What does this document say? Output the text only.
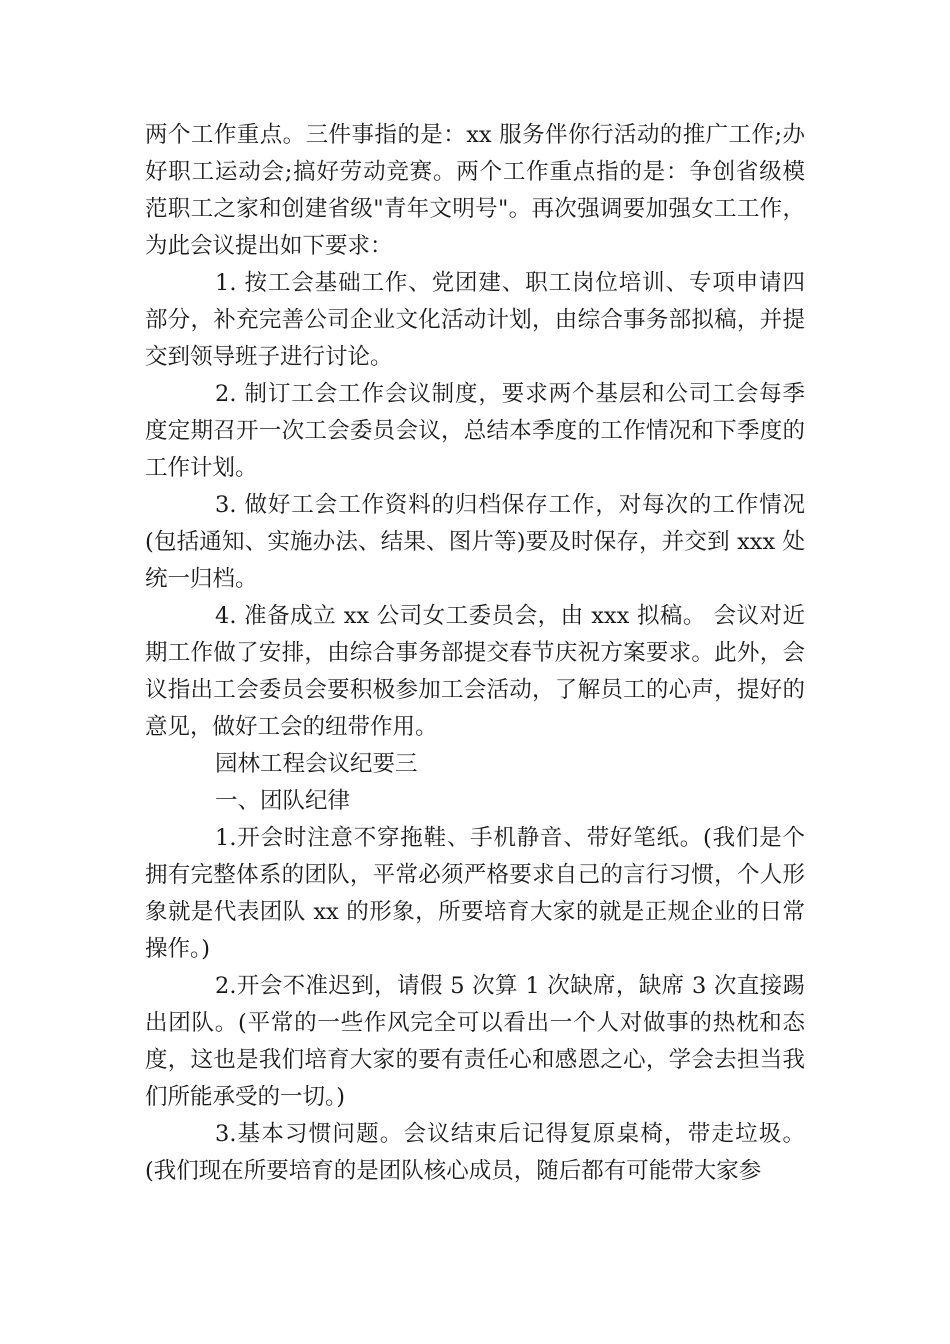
两个工作重点。三件事指的是：xx 服务伴你行活动的推广工作;办好职工运动会;搞好劳动竞赛。两个工作重点指的是：争创省级模范职工之家和创建省级"青年文明号"。再次强调要加强女工工作，为此会议提出如下要求：

1. 按工会基础工作、党团建、职工岗位培训、专项申请四部分，补充完善公司企业文化活动计划，由综合事务部拟稿，并提交到领导班子进行讨论。

2. 制订工会工作会议制度，要求两个基层和公司工会每季度定期召开一次工会委员会议，总结本季度的工作情况和下季度的工作计划。

3. 做好工会工作资料的归档保存工作，对每次的工作情况(包括通知、实施办法、结果、图片等)要及时保存，并交到 xxx 处统一归档。

4. 准备成立 xx 公司女工委员会，由 xxx 拟稿。 会议对近期工作做了安排，由综合事务部提交春节庆祝方案要求。此外，会议指出工会委员会要积极参加工会活动，了解员工的心声，提好的意见，做好工会的纽带作用。

园林工程会议纪要三

一、团队纪律

1.开会时注意不穿拖鞋、手机静音、带好笔纸。(我们是个拥有完整体系的团队，平常必须严格要求自己的言行习惯，个人形象就是代表团队 xx 的形象，所要培育大家的就是正规企业的日常操作。)

2.开会不准迟到，请假 5 次算 1 次缺席，缺席 3 次直接踢出团队。(平常的一些作风完全可以看出一个人对做事的热枕和态度，这也是我们培育大家的要有责任心和感恩之心，学会去担当我们所能承受的一切。)

3.基本习惯问题。会议结束后记得复原桌椅，带走垃圾。(我们现在所要培育的是团队核心成员，随后都有可能带大家参
